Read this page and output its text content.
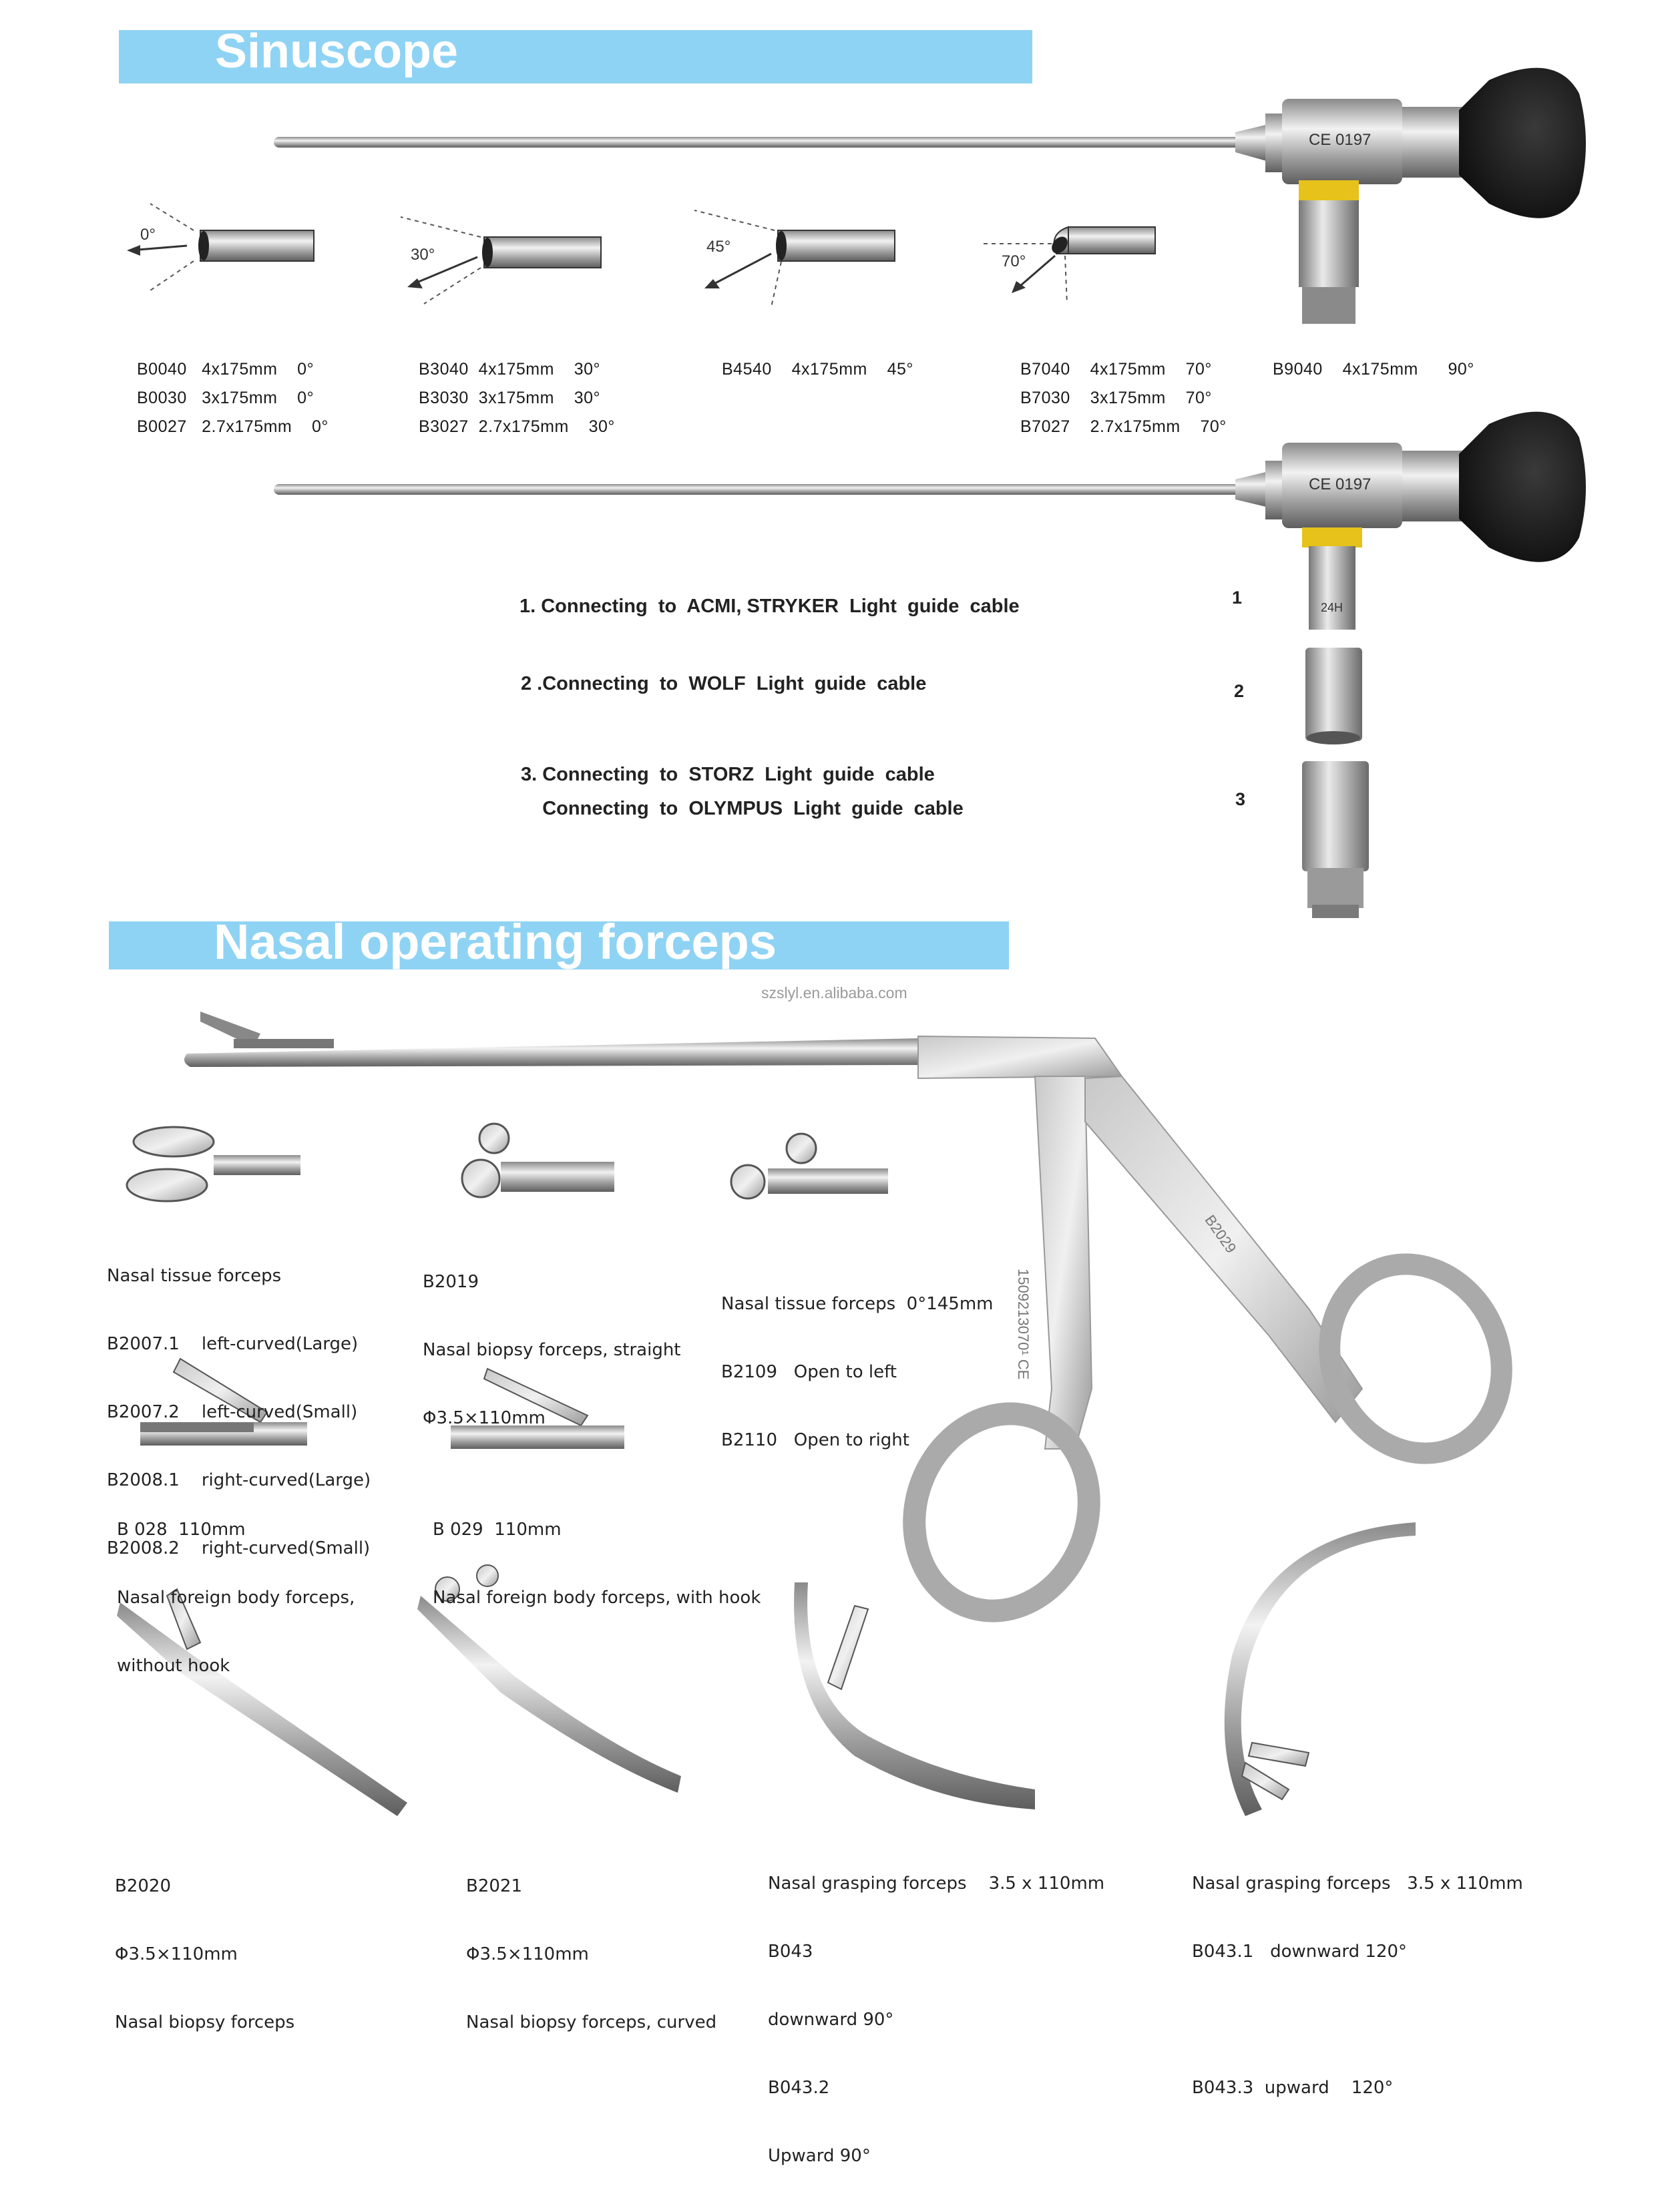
Sinuscope
CE 0197
0°
30°	45°
70°
B0040   4x175mm    0°
B0030   3x175mm    0°
B0027   2.7x175mm    0°
B3040  4x175mm    30°
B3030  3x175mm    30°
B3027  2.7x175mm    30°
B4540    4x175mm    45°	B7040    4x175mm    70°
B7030    3x175mm    70°
B7027    2.7x175mm    70°
B9040    4x175mm      90°
CE 0197
24H
1. Connecting  to  ACMI, STRYKER  Light  guide  cable
2 .Connecting  to  WOLF  Light  guide  cable
3. Connecting  to  STORZ  Light  guide  cable
Connecting  to  OLYMPUS  Light  guide  cable
1
2
3
Nasal operating forceps
szslyl.en.alibaba.com
1509213070¹ CE
B2029

Nasal tissue forceps

B2007.1    left-curved(Large)

B2007.2    left-curved(Small)

B2008.1    right-curved(Large)

B2008.2    right-curved(Small)

B2019

Nasal biopsy forceps, straight

Φ3.5×110mm

Nasal tissue forceps  0°145mm

B2109   Open to left

B2110   Open to right

B 028  110mm

Nasal foreign body forceps,

without hook

B 029  110mm

Nasal foreign body forceps, with hook

B2020

Φ3.5×110mm

Nasal biopsy forceps

B2021

Φ3.5×110mm

Nasal biopsy forceps, curved

Nasal grasping forceps    3.5 x 110mm

B043

downward 90°

B043.2

Upward 90°

Nasal grasping forceps   3.5 x 110mm

B043.1   downward 120°

B043.3  upward    120°
